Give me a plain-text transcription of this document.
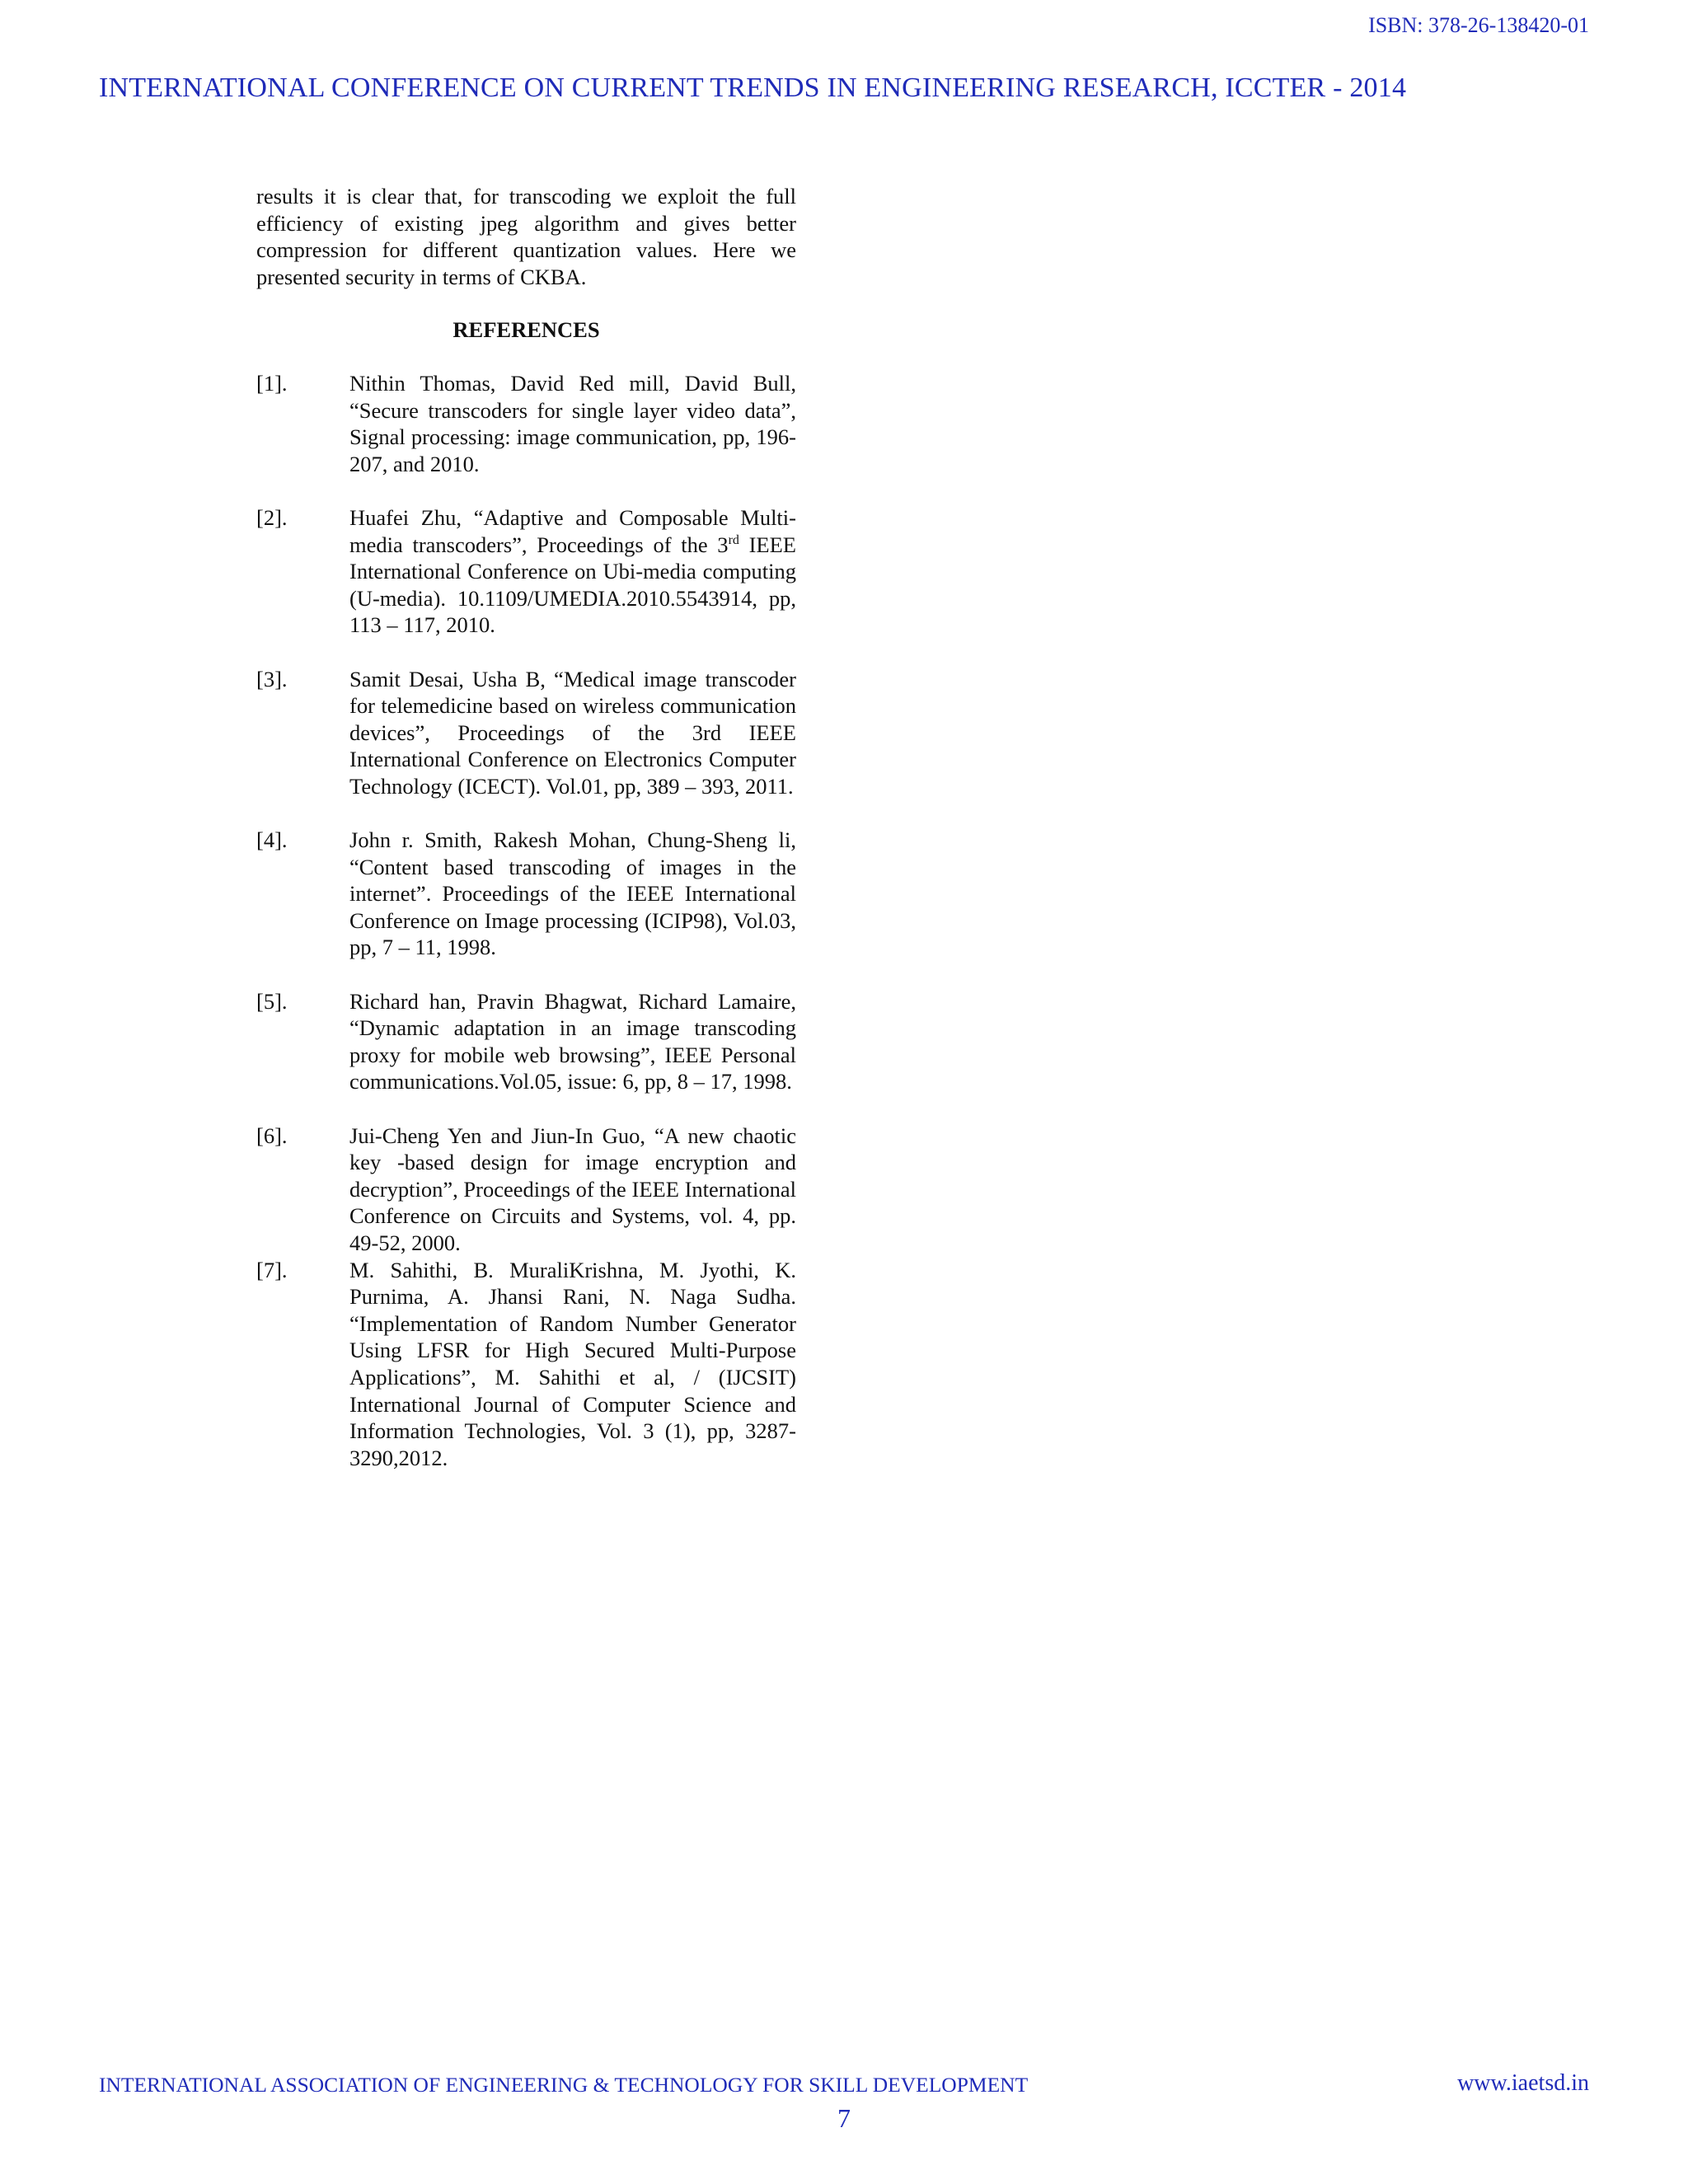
ISBN: 378-26-138420-01
INTERNATIONAL CONFERENCE ON CURRENT TRENDS IN ENGINEERING RESEARCH, ICCTER - 2014

results it is clear that, for transcoding we exploit the full efficiency of existing jpeg algorithm and gives better compression for different quantization values. Here we presented security in terms of CKBA.

REFERENCES
[1].	Nithin Thomas, David Red mill, David Bull, “Secure transcoders for single layer video data”, Signal processing: image communication, pp, 196-207, and 2010.
[2].	Huafei Zhu, “Adaptive and Composable Multi-media transcoders”, Proceedings of the 3rd IEEE International Conference on Ubi-media computing (U-media). 10.1109/UMEDIA.2010.5543914, pp, 113 – 117, 2010.
[3].	Samit Desai, Usha B, “Medical image transcoder for telemedicine based on wireless communication devices”, Proceedings of the 3rd IEEE International Conference on Electronics Computer Technology (ICECT). Vol.01, pp, 389 – 393, 2011.
[4].	John r. Smith, Rakesh Mohan, Chung-Sheng li, “Content based transcoding of images in the internet”. Proceedings of the IEEE International Conference on Image processing (ICIP98), Vol.03, pp, 7 – 11, 1998.
[5].	Richard han, Pravin Bhagwat, Richard Lamaire, “Dynamic adaptation in an image transcoding proxy for mobile web browsing”, IEEE Personal communications.Vol.05, issue: 6, pp, 8 – 17, 1998.
[6].	Jui-Cheng Yen and Jiun-In Guo, “A new chaotic key -based design for image encryption and decryption”, Proceedings of the IEEE International Conference on Circuits and Systems, vol. 4, pp. 49-52, 2000.
[7].	M. Sahithi, B. MuraliKrishna, M. Jyothi, K. Purnima, A. Jhansi Rani, N. Naga Sudha. “Implementation of Random Number Generator Using LFSR for High Secured Multi-Purpose Applications”, M. Sahithi et al, / (IJCSIT) International Journal of Computer Science and Information Technologies, Vol. 3 (1), pp, 3287-3290,2012.
INTERNATIONAL ASSOCIATION OF ENGINEERING & TECHNOLOGY FOR SKILL DEVELOPMENT	www.iaetsd.in
7
